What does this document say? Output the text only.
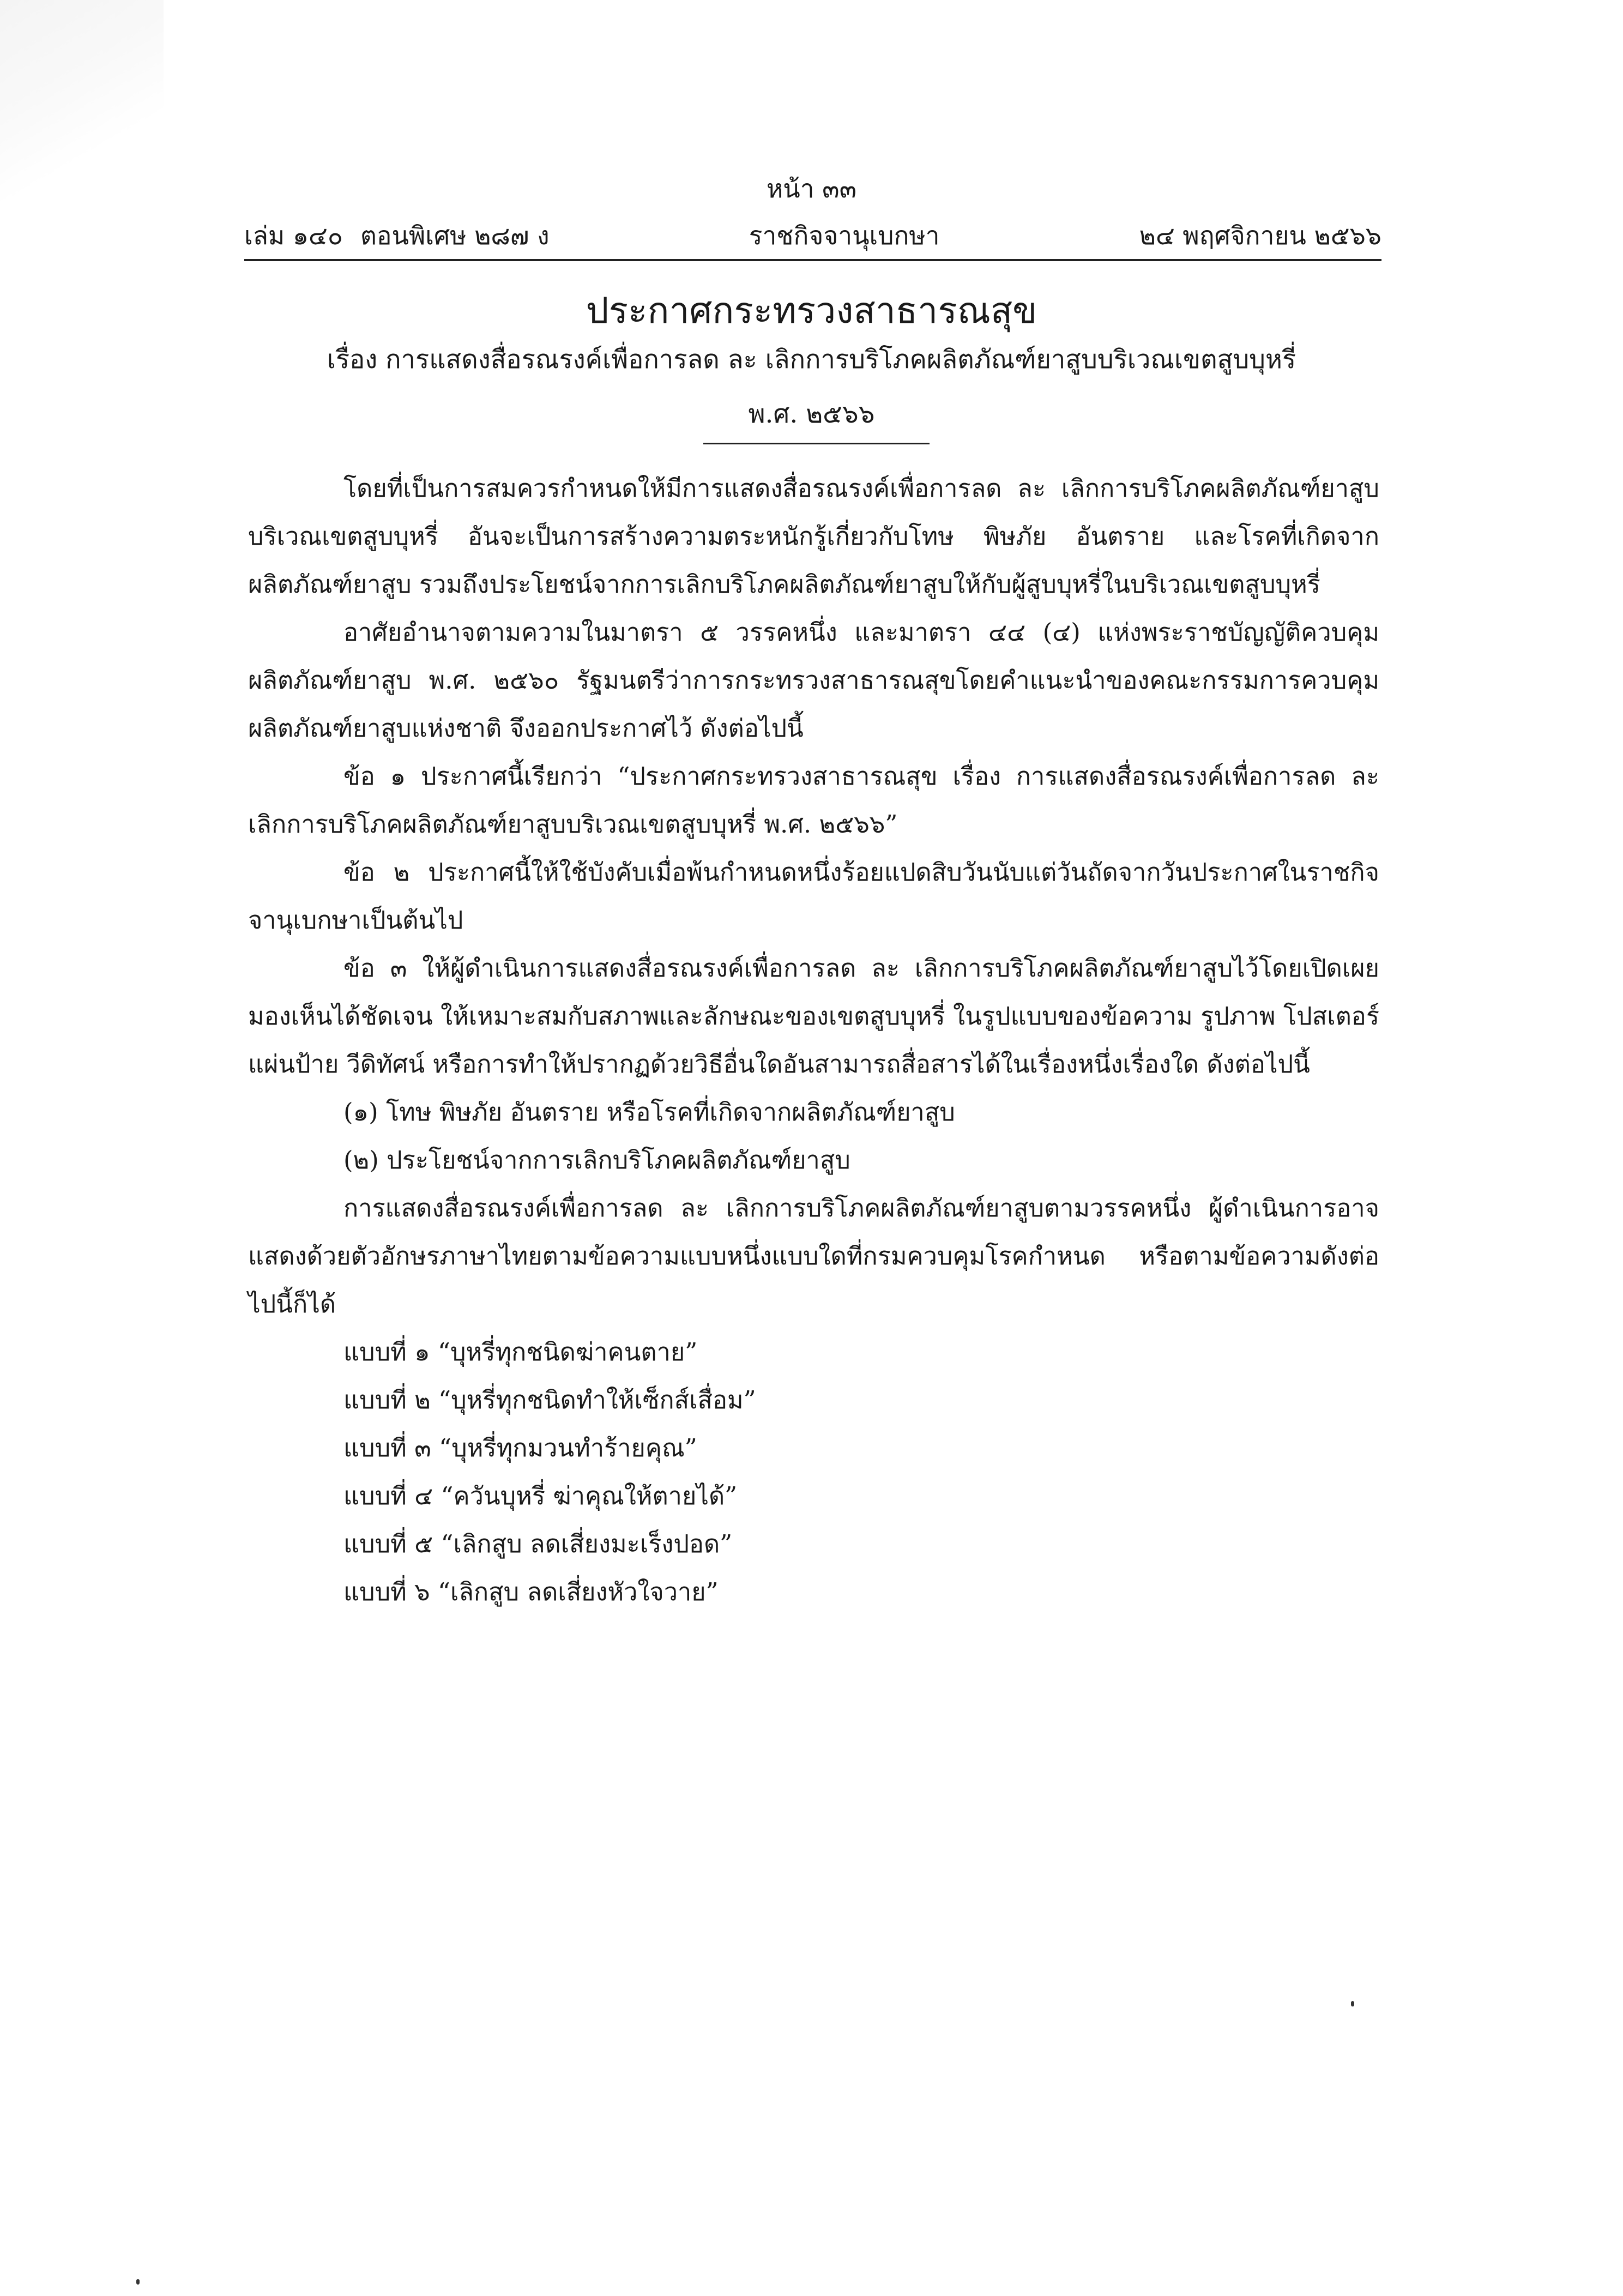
หน้า ๓๓
เล่ม ๑๔๐ ตอนพิเศษ ๒๘๗ ง	ราชกิจจานุเบกษา	๒๔ พฤศจิกายน ๒๕๖๖
ประกาศกระทรวงสาธารณสุข
เรื่อง การแสดงสื่อรณรงค์เพื่อการลด ละ เลิกการบริโภคผลิตภัณฑ์ยาสูบบริเวณเขตสูบบุหรี่
พ.ศ. ๒๕๖๖

โดยที่เป็นการสมควรกำหนดให้มีการแสดงสื่อรณรงค์เพื่อการลด ละ เลิกการบริโภคผลิตภัณฑ์ยาสูบบริเวณเขตสูบบุหรี่ อันจะเป็นการสร้างความตระหนักรู้เกี่ยวกับโทษ พิษภัย อันตราย และโรคที่เกิดจากผลิตภัณฑ์ยาสูบ รวมถึงประโยชน์จากการเลิกบริโภคผลิตภัณฑ์ยาสูบให้กับผู้สูบบุหรี่ในบริเวณเขตสูบบุหรี่

อาศัยอำนาจตามความในมาตรา ๕ วรรคหนึ่ง และมาตรา ๔๔ (๔) แห่งพระราชบัญญัติควบคุมผลิตภัณฑ์ยาสูบ พ.ศ. ๒๕๖๐ รัฐมนตรีว่าการกระทรวงสาธารณสุขโดยคำแนะนำของคณะกรรมการควบคุมผลิตภัณฑ์ยาสูบแห่งชาติ จึงออกประกาศไว้ ดังต่อไปนี้

ข้อ ๑ ประกาศนี้เรียกว่า “ประกาศกระทรวงสาธารณสุข เรื่อง การแสดงสื่อรณรงค์เพื่อการลด ละ เลิกการบริโภคผลิตภัณฑ์ยาสูบบริเวณเขตสูบบุหรี่ พ.ศ. ๒๕๖๖”

ข้อ ๒ ประกาศนี้ให้ใช้บังคับเมื่อพ้นกำหนดหนึ่งร้อยแปดสิบวันนับแต่วันถัดจากวันประกาศในราชกิจจานุเบกษาเป็นต้นไป

ข้อ ๓ ให้ผู้ดำเนินการแสดงสื่อรณรงค์เพื่อการลด ละ เลิกการบริโภคผลิตภัณฑ์ยาสูบไว้โดยเปิดเผยมองเห็นได้ชัดเจน ให้เหมาะสมกับสภาพและลักษณะของเขตสูบบุหรี่ ในรูปแบบของข้อความ รูปภาพ โปสเตอร์ แผ่นป้าย วีดิทัศน์ หรือการทำให้ปรากฏด้วยวิธีอื่นใดอันสามารถสื่อสารได้ในเรื่องหนึ่งเรื่องใด ดังต่อไปนี้

(๑) โทษ พิษภัย อันตราย หรือโรคที่เกิดจากผลิตภัณฑ์ยาสูบ

(๒) ประโยชน์จากการเลิกบริโภคผลิตภัณฑ์ยาสูบ

การแสดงสื่อรณรงค์เพื่อการลด ละ เลิกการบริโภคผลิตภัณฑ์ยาสูบตามวรรคหนึ่ง ผู้ดำเนินการอาจแสดงด้วยตัวอักษรภาษาไทยตามข้อความแบบหนึ่งแบบใดที่กรมควบคุมโรคกำหนด หรือตามข้อความดังต่อไปนี้ก็ได้

แบบที่ ๑ “บุหรี่ทุกชนิดฆ่าคนตาย”

แบบที่ ๒ “บุหรี่ทุกชนิดทำให้เซ็กส์เสื่อม”

แบบที่ ๓ “บุหรี่ทุกมวนทำร้ายคุณ”

แบบที่ ๔ “ควันบุหรี่ ฆ่าคุณให้ตายได้”

แบบที่ ๕ “เลิกสูบ ลดเสี่ยงมะเร็งปอด”

แบบที่ ๖ “เลิกสูบ ลดเสี่ยงหัวใจวาย”
